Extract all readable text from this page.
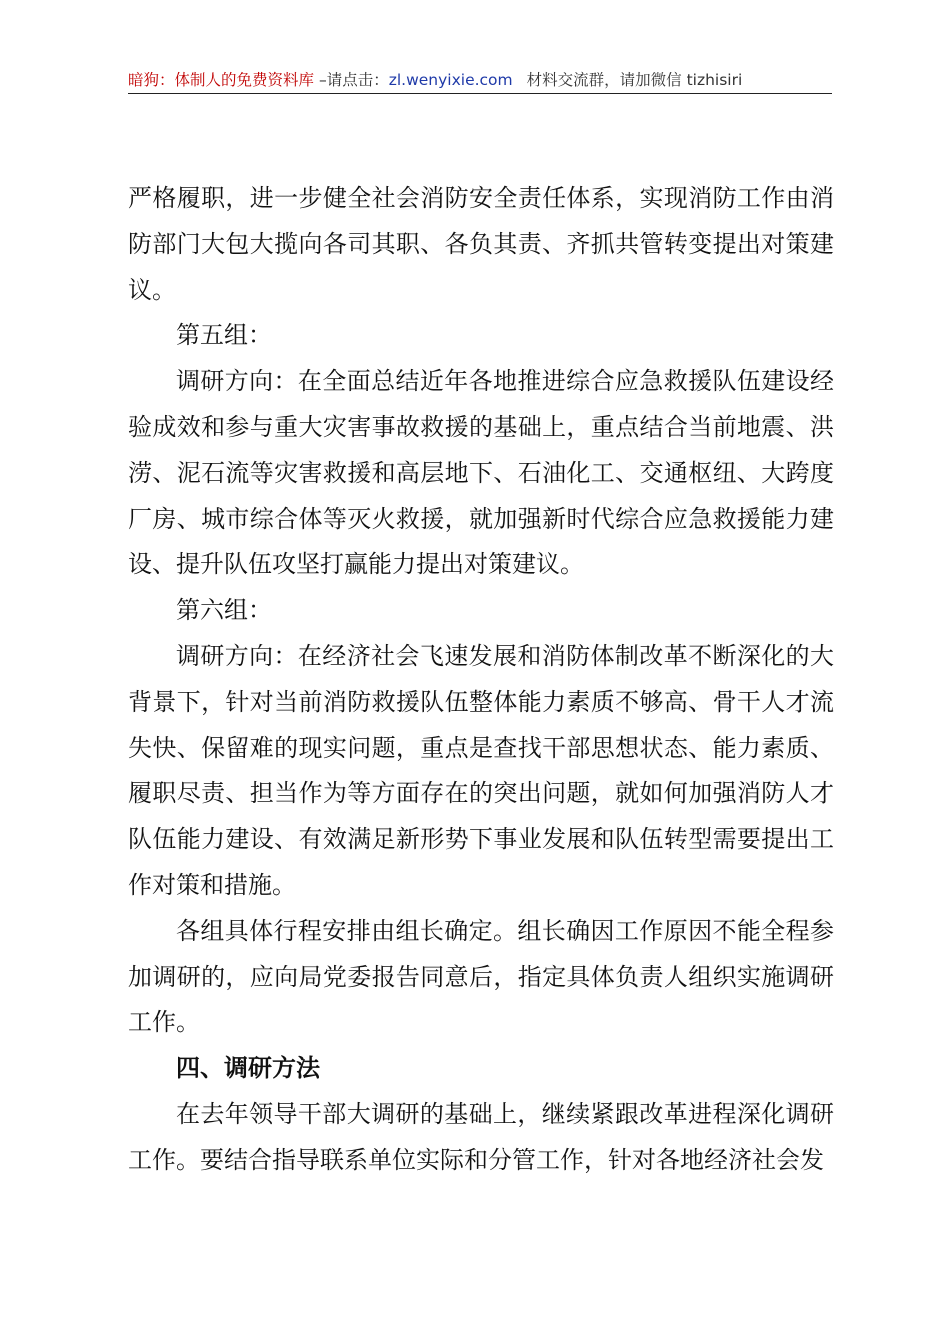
暗狗：体制人的免费资料库 –请点击：zl.wenyixie.com 材料交流群，请加微信 tizhisiri

严格履职，进一步健全社会消防安全责任体系，实现消防工作由消防部门大包大揽向各司其职、各负其责、齐抓共管转变提出对策建议。

第五组：

调研方向：在全面总结近年各地推进综合应急救援队伍建设经验成效和参与重大灾害事故救援的基础上，重点结合当前地震、洪涝、泥石流等灾害救援和高层地下、石油化工、交通枢纽、大跨度厂房、城市综合体等灭火救援，就加强新时代综合应急救援能力建设、提升队伍攻坚打赢能力提出对策建议。

第六组：

调研方向：在经济社会飞速发展和消防体制改革不断深化的大背景下，针对当前消防救援队伍整体能力素质不够高、骨干人才流失快、保留难的现实问题，重点是查找干部思想状态、能力素质、履职尽责、担当作为等方面存在的突出问题，就如何加强消防人才队伍能力建设、有效满足新形势下事业发展和队伍转型需要提出工作对策和措施。

各组具体行程安排由组长确定。组长确因工作原因不能全程参加调研的，应向局党委报告同意后，指定具体负责人组织实施调研工作。

四、调研方法

在去年领导干部大调研的基础上，继续紧跟改革进程深化调研工作。要结合指导联系单位实际和分管工作，针对各地经济社会发
